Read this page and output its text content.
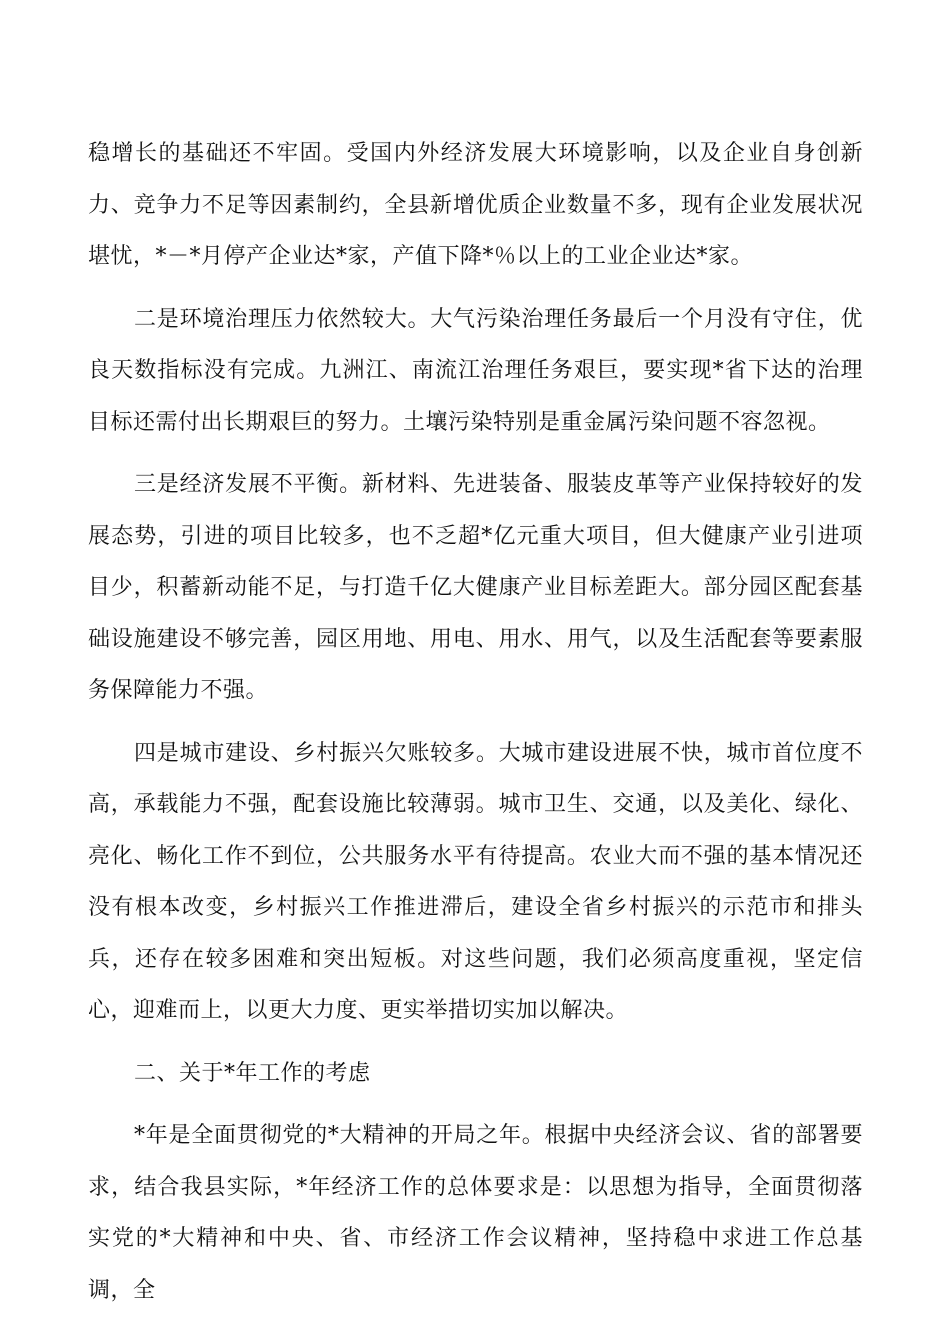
稳增长的基础还不牢固。受国内外经济发展大环境影响，以及企业自身创新力、竞争力不足等因素制约，全县新增优质企业数量不多，现有企业发展状况堪忧，*－*月停产企业达*家，产值下降*％以上的工业企业达*家。

二是环境治理压力依然较大。大气污染治理任务最后一个月没有守住，优良天数指标没有完成。九洲江、南流江治理任务艰巨，要实现*省下达的治理目标还需付出长期艰巨的努力。土壤污染特别是重金属污染问题不容忽视。

三是经济发展不平衡。新材料、先进装备、服装皮革等产业保持较好的发展态势，引进的项目比较多，也不乏超*亿元重大项目，但大健康产业引进项目少，积蓄新动能不足，与打造千亿大健康产业目标差距大。部分园区配套基础设施建设不够完善，园区用地、用电、用水、用气，以及生活配套等要素服务保障能力不强。

四是城市建设、乡村振兴欠账较多。大城市建设进展不快，城市首位度不高，承载能力不强，配套设施比较薄弱。城市卫生、交通，以及美化、绿化、亮化、畅化工作不到位，公共服务水平有待提高。农业大而不强的基本情况还没有根本改变，乡村振兴工作推进滞后，建设全省乡村振兴的示范市和排头兵，还存在较多困难和突出短板。对这些问题，我们必须高度重视，坚定信心，迎难而上，以更大力度、更实举措切实加以解决。

二、关于*年工作的考虑

*年是全面贯彻党的*大精神的开局之年。根据中央经济会议、省的部署要求，结合我县实际，*年经济工作的总体要求是：以思想为指导，全面贯彻落实党的*大精神和中央、省、市经济工作会议精神，坚持稳中求进工作总基调，全
